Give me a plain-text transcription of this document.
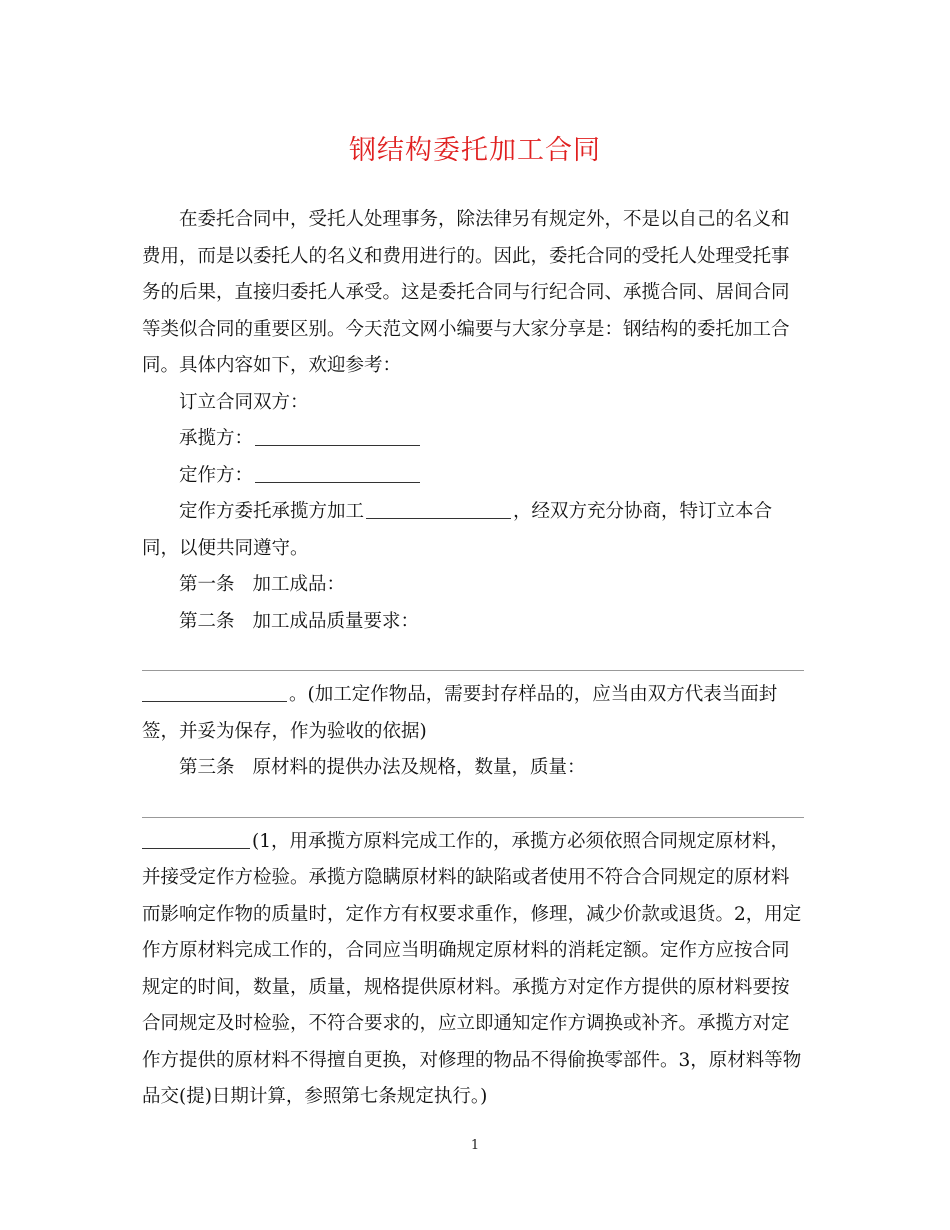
钢结构委托加工合同

在委托合同中，受托人处理事务，除法律另有规定外，不是以自己的名义和费用，而是以委托人的名义和费用进行的。因此，委托合同的受托人处理受托事务的后果，直接归委托人承受。这是委托合同与行纪合同、承揽合同、居间合同等类似合同的重要区别。今天范文网小编要与大家分享是：钢结构的委托加工合同。具体内容如下，欢迎参考：

订立合同双方：

承揽方：

定作方：

定作方委托承揽方加工	，经双方充分协商，特订立本合同，以便共同遵守。

第一条 加工成品：

第二条 加工成品质量要求：

。(加工定作物品，需要封存样品的，应当由双方代表当面封签，并妥为保存，作为验收的依据)

第三条 原材料的提供办法及规格，数量，质量：

(1，用承揽方原料完成工作的，承揽方必须依照合同规定原材料，并接受定作方检验。承揽方隐瞒原材料的缺陷或者使用不符合合同规定的原材料而影响定作物的质量时，定作方有权要求重作，修理，减少价款或退货。2，用定作方原材料完成工作的，合同应当明确规定原材料的消耗定额。定作方应按合同规定的时间，数量，质量，规格提供原材料。承揽方对定作方提供的原材料要按合同规定及时检验，不符合要求的，应立即通知定作方调换或补齐。承揽方对定作方提供的原材料不得擅自更换，对修理的物品不得偷换零部件。3，原材料等物品交(提)日期计算，参照第七条规定执行。)

1
